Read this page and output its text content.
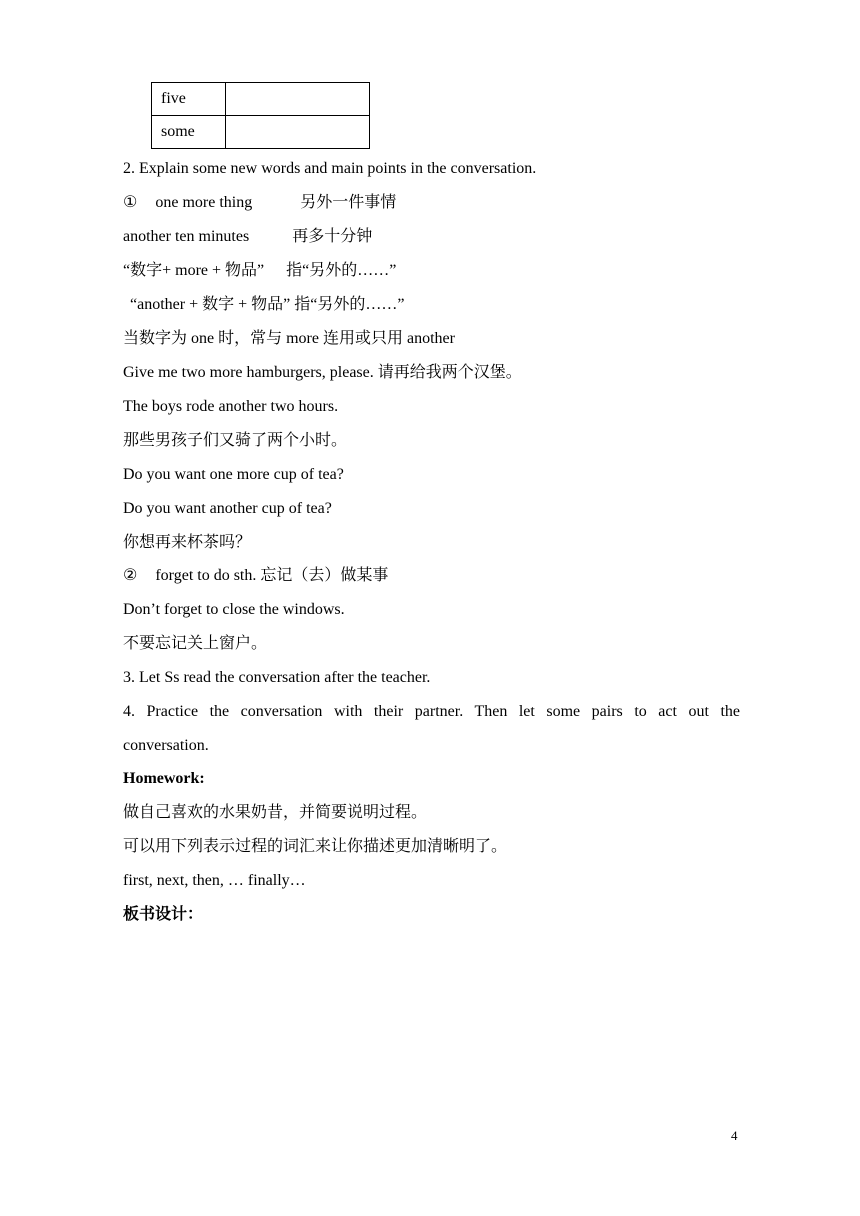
five	
some	
2. Explain some new words and main points in the conversation.
① one more thing	另外一件事情
another ten minutes	再多十分钟
“数字+ more + 物品” 指“另外的……”
“another + 数字 + 物品” 指“另外的……”
当数字为 one 时，常与 more 连用或只用 another
Give me two more hamburgers, please. 请再给我两个汉堡。
The boys rode another two hours.
那些男孩子们又骑了两个小时。
Do you want one more cup of tea?
Do you want another cup of tea?
你想再来杯茶吗？
② forget to do sth. 忘记（去）做某事
Don’t forget to close the windows.
不要忘记关上窗户。
3. Let Ss read the conversation after the teacher.
4. Practice the conversation with their partner. Then let some pairs to act out the
conversation.
Homework:
做自己喜欢的水果奶昔，并简要说明过程。
可以用下列表示过程的词汇来让你描述更加清晰明了。
first, next, then, … finally…
板书设计：
4
